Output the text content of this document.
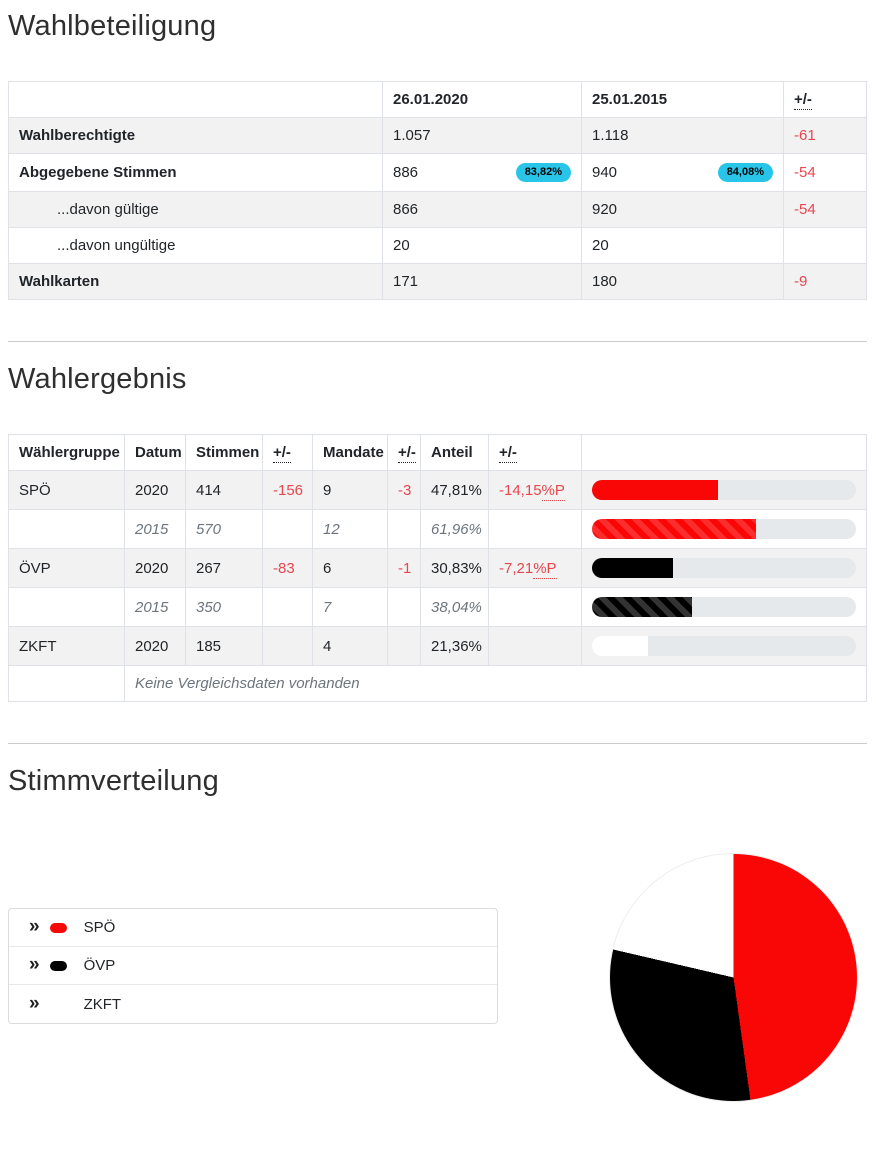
Wahlbeteiligung
	26.01.2020	25.01.2015	+/-
Wahlberechtigte	1.057	1.118	-61
Abgegebene Stimmen	886 83,82%	940 84,08%	-54
...davon gültige	866	920	-54
...davon ungültige	20	20	
Wahlkarten	171	180	-9
Wahlergebnis
Wählergruppe	Datum	Stimmen	+/-	Mandate	+/-	Anteil	+/-	
SPÖ	2020	414	-156	9	-3	47,81%	-14,15%P	

	2015	570		12		61,96%		

ÖVP	2020	267	-83	6	-1	30,83%	-7,21%P	

	2015	350		7		38,04%		

ZKFT	2020	185		4		21,36%		

	Keine Vergleichsdaten vorhanden							
Stimmverteilung
»	SPÖ
»	ÖVP
»	ZKFT
